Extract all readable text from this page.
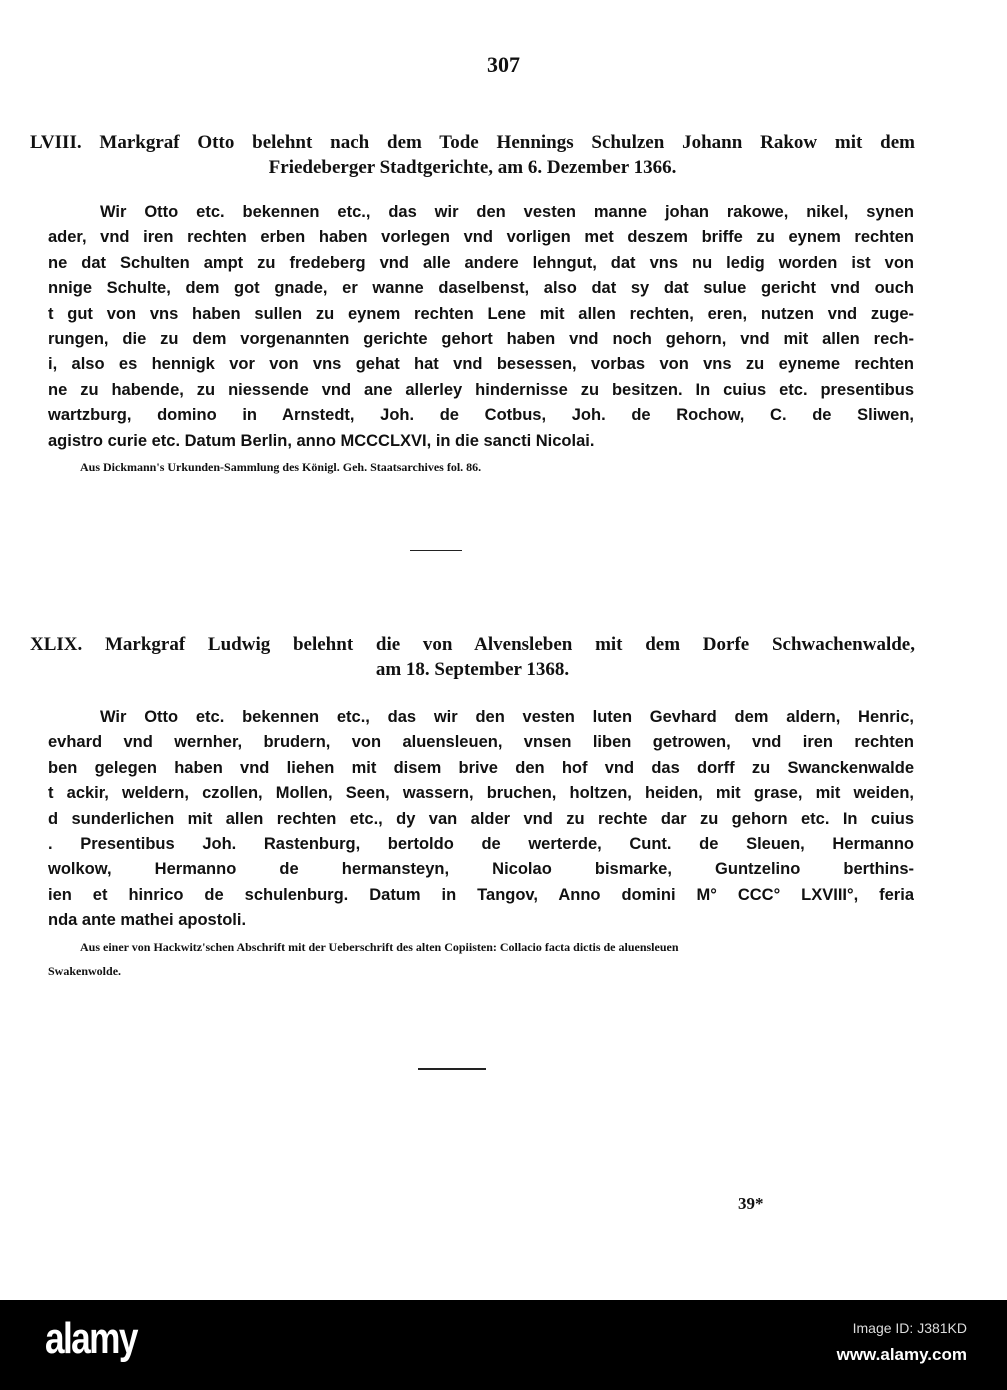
307
LVIII. Markgraf Otto belehnt nach dem Tode Hennings Schulzen Johann Rakow mit dem
Friedeberger Stadtgerichte, am 6. Dezember 1366.
Wir Otto etc. bekennen etc., das wir den vesten manne johan rakowe, nikel, synen
ader, vnd iren rechten erben haben vorlegen vnd vorligen met deszem briffe zu eynem rechten
ne dat Schulten ampt zu fredeberg vnd alle andere lehngut, dat vns nu ledig worden ist von
nnige Schulte, dem got gnade, er wanne daselbenst, also dat sy dat sulue gericht vnd ouch
t gut von vns haben sullen zu eynem rechten Lene mit allen rechten, eren, nutzen vnd zuge-
rungen, die zu dem vorgenannten gerichte gehort haben vnd noch gehorn, vnd mit allen rech-
i, also es hennigk vor von vns gehat hat vnd besessen, vorbas von vns zu eyneme rechten
ne zu habende, zu niessende vnd ane allerley hindernisse zu besitzen. In cuius etc. presentibus
wartzburg, domino in Arnstedt, Joh. de Cotbus, Joh. de Rochow, C. de Sliwen,
agistro curie etc. Datum Berlin, anno MCCCLXVI, in die sancti Nicolai.
Aus Dickmann's Urkunden-Sammlung des Königl. Geh. Staatsarchives fol. 86.
XLIX. Markgraf Ludwig belehnt die von Alvensleben mit dem Dorfe Schwachenwalde,
am 18. September 1368.
Wir Otto etc. bekennen etc., das wir den vesten luten Gevhard dem aldern, Henric,
evhard vnd wernher, brudern, von aluensleuen, vnsen liben getrowen, vnd iren rechten
ben gelegen haben vnd liehen mit disem brive den hof vnd das dorff zu Swanckenwalde
t ackir, weldern, czollen, Mollen, Seen, wassern, bruchen, holtzen, heiden, mit grase, mit weiden,
d sunderlichen mit allen rechten etc., dy van alder vnd zu rechte dar zu gehorn etc. In cuius
. Presentibus Joh. Rastenburg, bertoldo de werterde, Cunt. de Sleuen, Hermanno
wolkow, Hermanno de hermansteyn, Nicolao bismarke, Guntzelino berthins-
ien et hinrico de schulenburg. Datum in Tangov, Anno domini M° CCC° LXVIII°, feria
nda ante mathei apostoli.
Aus einer von Hackwitz'schen Abschrift mit der Ueberschrift des alten Copiisten: Collacio facta dictis de aluensleuen
Swakenwolde.
39*
alamy	Image ID: J381KD
www.alamy.com
